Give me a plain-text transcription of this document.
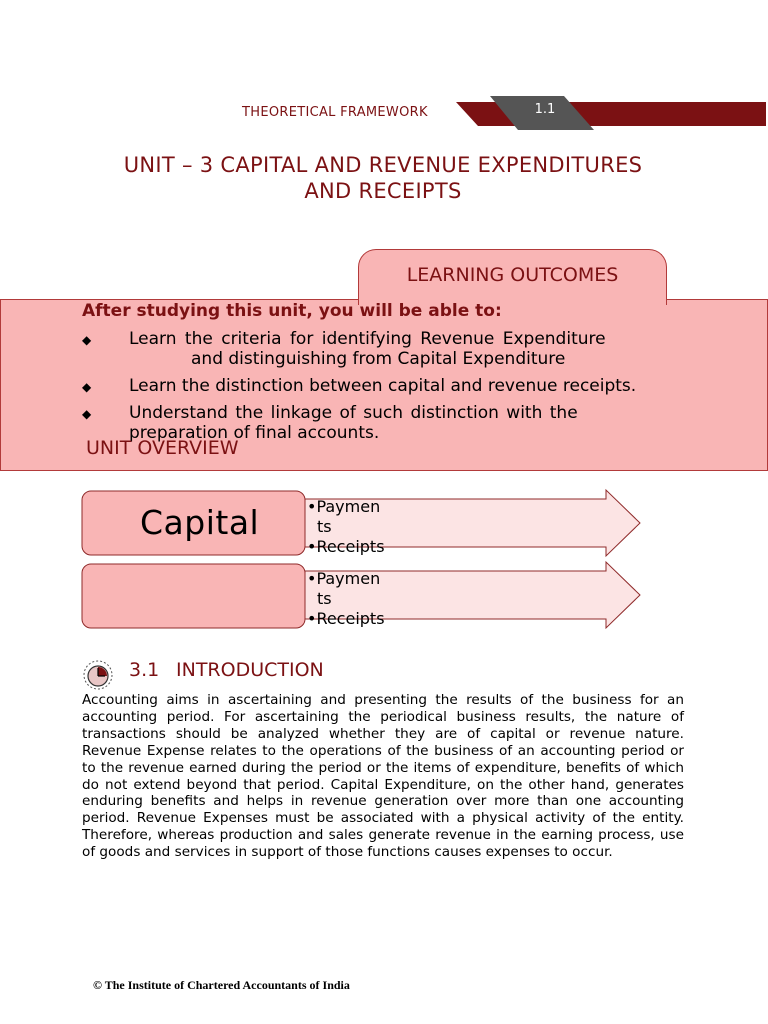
THEORETICAL FRAMEWORK	1.1
UNIT – 3 CAPITAL AND REVENUE EXPENDITURES
AND RECEIPTS
LEARNING OUTCOMES
After studying this unit, you will be able to:
◆ Learn the criteria for identifying Revenue Expenditure
and distinguishing from Capital Expenditure
◆ Learn the distinction between capital and revenue receipts.
◆ Understand the linkage of such distinction with the
preparation of final accounts.
UNIT OVERVIEW
Capital	•Paymen
ts
•Receipts
•Paymen
ts
•Receipts
3.1 INTRODUCTION
Accounting aims in ascertaining and presenting the results of the business for an accounting period. For ascertaining the periodical business results, the nature of transactions should be analyzed whether they are of capital or revenue nature. Revenue Expense relates to the operations of the business of an accounting period or to the revenue earned during the period or the items of expenditure, benefits of which do not extend beyond that period. Capital Expenditure, on the other hand, generates enduring benefits and helps in revenue generation over more than one accounting period. Revenue Expenses must be associated with a physical activity of the entity. Therefore, whereas production and sales generate revenue in the earning process, use of goods and services in support of those functions causes expenses to occur.
© The Institute of Chartered Accountants of India
